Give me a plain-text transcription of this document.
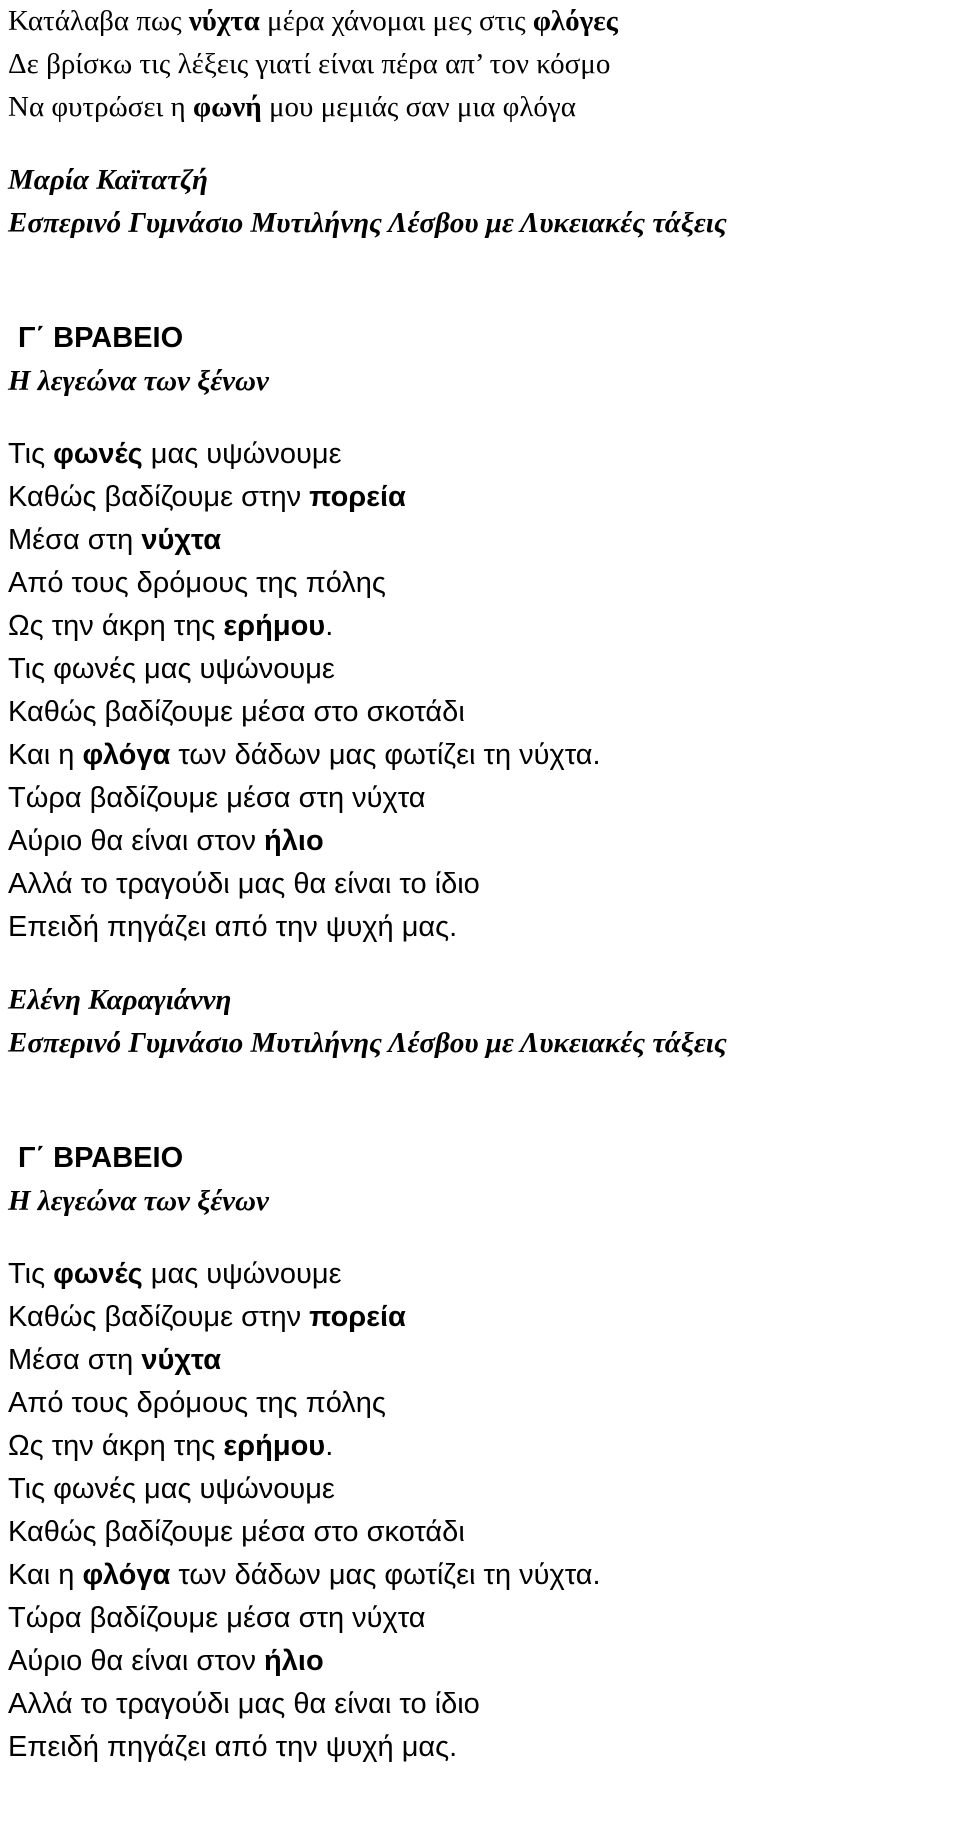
Κατάλαβα πως νύχτα μέρα χάνομαι μες στις φλόγες
Δε βρίσκω τις λέξεις γιατί είναι πέρα απ’ τον κόσμο
Να φυτρώσει η φωνή μου μεμιάς σαν μια φλόγα
Μαρία Καϊτατζή
Εσπερινό Γυμνάσιο Μυτιλήνης Λέσβου με Λυκειακές τάξεις
Γ΄ ΒΡΑΒΕΙΟ
Η λεγεώνα των ξένων
Τις φωνές μας υψώνουμε
Καθώς βαδίζουμε στην πορεία
Μέσα στη νύχτα
Από τους δρόμους της πόλης
Ως την άκρη της ερήμου.
Τις φωνές μας υψώνουμε
Καθώς βαδίζουμε μέσα στο σκοτάδι
Και η φλόγα των δάδων μας φωτίζει τη νύχτα.
Τώρα βαδίζουμε μέσα στη νύχτα
Αύριο θα είναι στον ήλιο
Αλλά το τραγούδι μας θα είναι το ίδιο
Επειδή πηγάζει από την ψυχή μας.
Ελένη Καραγιάννη
Εσπερινό Γυμνάσιο Μυτιλήνης Λέσβου με Λυκειακές τάξεις
Γ΄ ΒΡΑΒΕΙΟ
Η λεγεώνα των ξένων
Τις φωνές μας υψώνουμε
Καθώς βαδίζουμε στην πορεία
Μέσα στη νύχτα
Από τους δρόμους της πόλης
Ως την άκρη της ερήμου.
Τις φωνές μας υψώνουμε
Καθώς βαδίζουμε μέσα στο σκοτάδι
Και η φλόγα των δάδων μας φωτίζει τη νύχτα.
Τώρα βαδίζουμε μέσα στη νύχτα
Αύριο θα είναι στον ήλιο
Αλλά το τραγούδι μας θα είναι το ίδιο
Επειδή πηγάζει από την ψυχή μας.
